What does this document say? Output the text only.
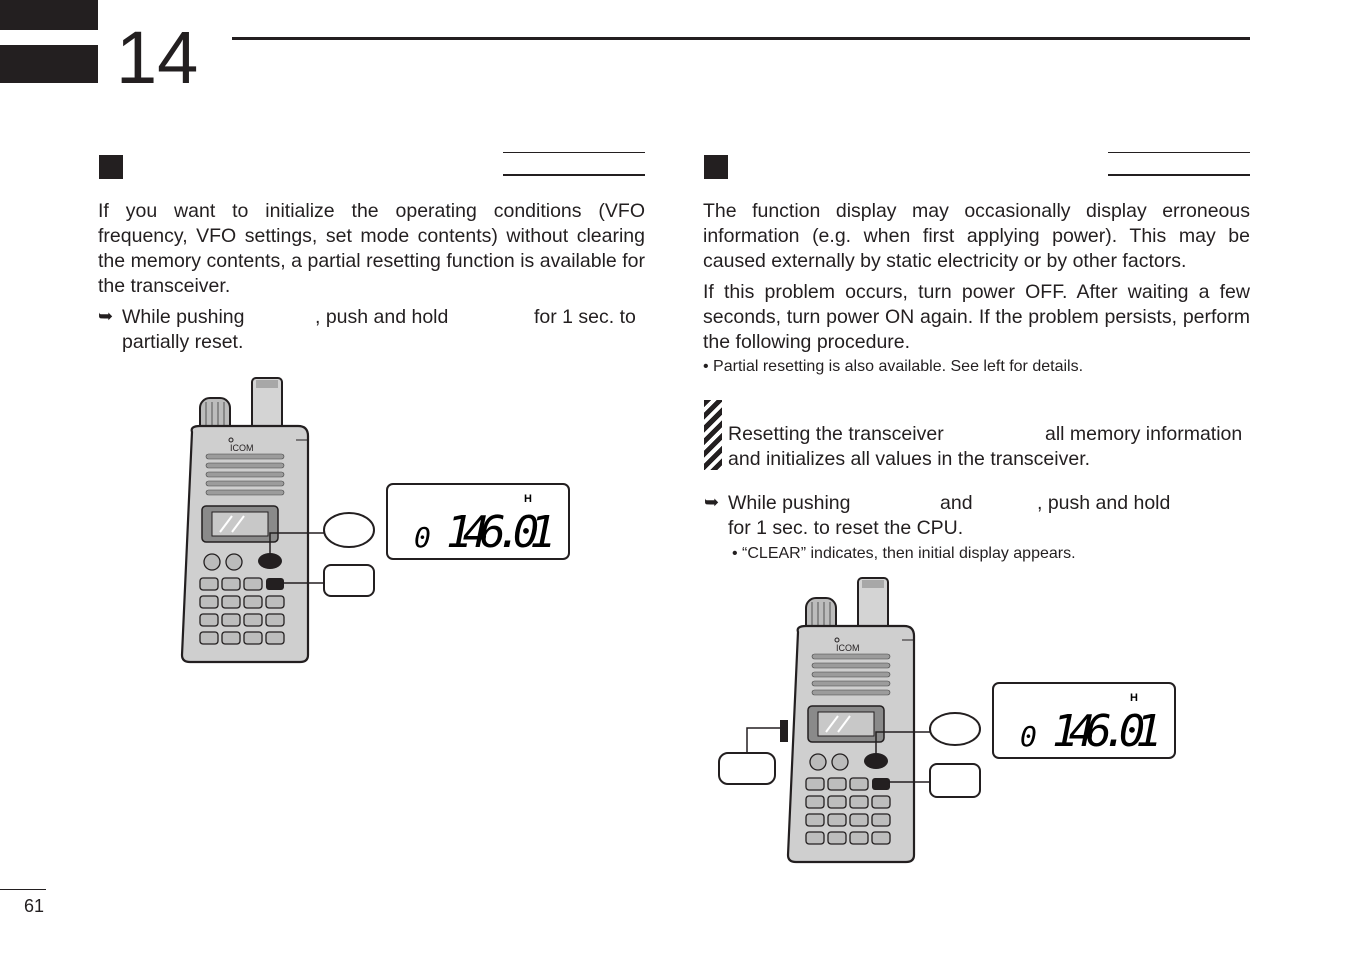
14
If you want to initialize the operating conditions (VFO frequency, VFO settings, set mode contents) without clearing the memory contents, a partial resetting function is available for the transceiver.
➥ While pushing	, push and hold	for 1 sec. to
partially reset.
ICOM
H
0 146.01
The function display may occasionally display erroneous information (e.g. when first applying power). This may be caused externally by static electricity or by other factors.
If this problem occurs, turn power OFF. After waiting a few seconds, turn power ON again. If the problem persists, perform the following procedure.
• Partial resetting is also available. See left for details.
Resetting the transceiver	all memory information
and initializes all values in the transceiver.
➥ While pushing	and	, push and hold
for 1 sec. to reset the CPU.
• “CLEAR” indicates, then initial display appears.
ICOM
H
0 146.01
61
